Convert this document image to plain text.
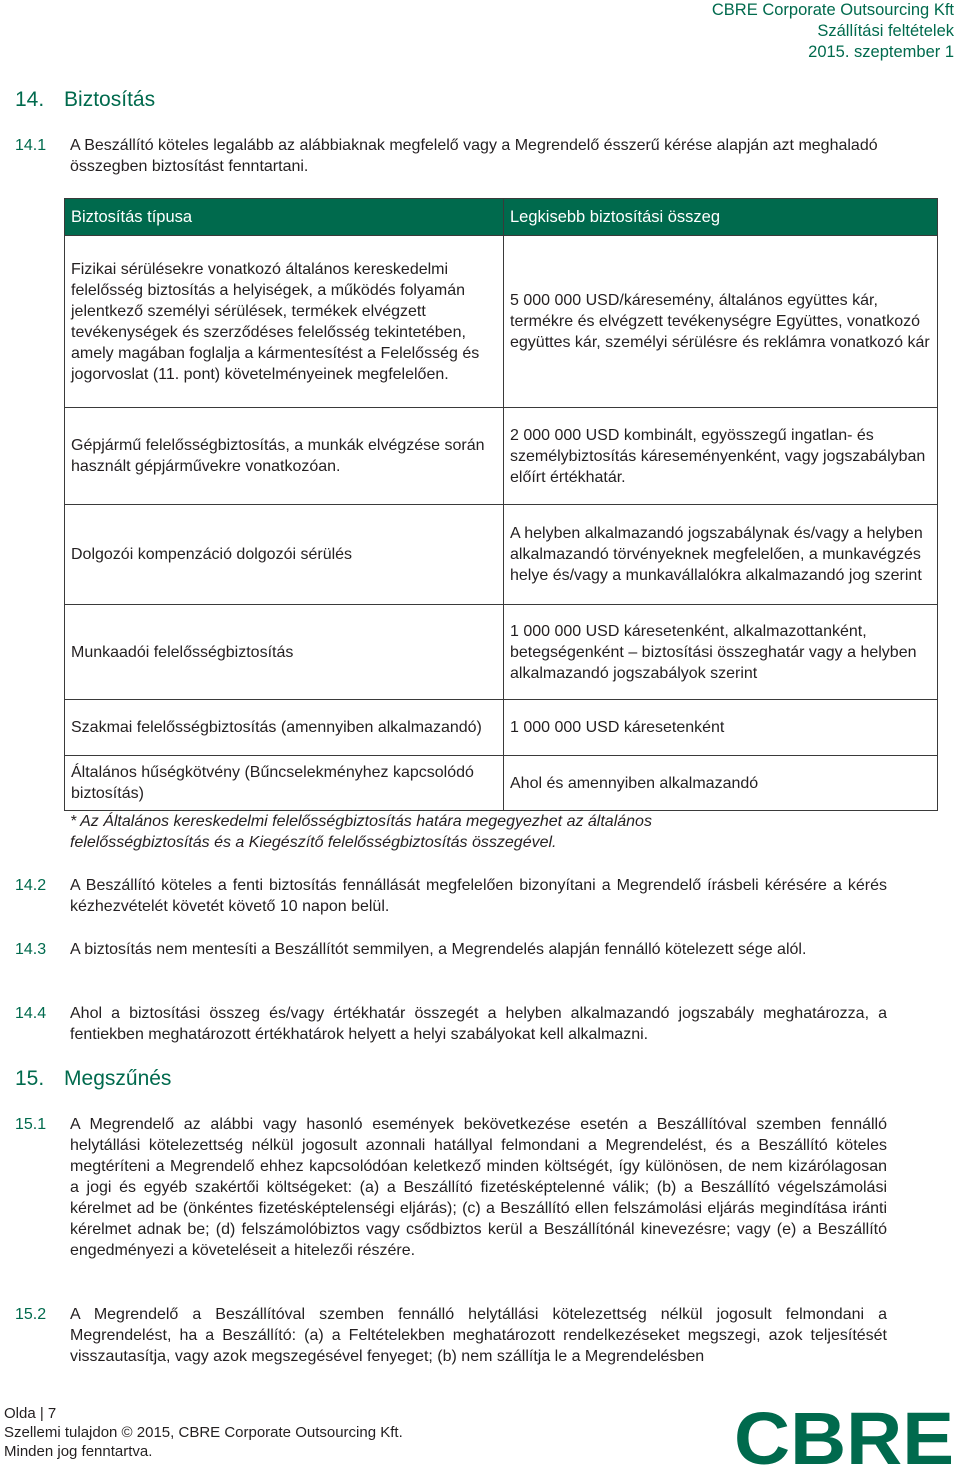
CBRE Corporate Outsourcing Kft
Szállítási feltételek
2015. szeptember 1
14. Biztosítás
14.1 A Beszállító köteles legalább az alábbiaknak megfelelő vagy a Megrendelő ésszerű kérése alapján azt meghaladó összegben biztosítást fenntartani.
Biztosítás típusa	Legkisebb biztosítási összeg
Fizikai sérülésekre vonatkozó általános kereskedelmi felelősség biztosítás a helyiségek, a működés folyamán jelentkező személyi sérülések, termékek elvégzett tevékenységek és szerződéses felelősség tekintetében, amely magában foglalja a kármentesítést a Felelősség és jogorvoslat (11. pont) követelményeinek megfelelően.	5 000 000 USD/káresemény, általános együttes kár, termékre és elvégzett tevékenységre Együttes, vonatkozó együttes kár, személyi sérülésre és reklámra vonatkozó kár
Gépjármű felelősségbiztosítás, a munkák elvégzése során használt gépjárművekre vonatkozóan.	2 000 000 USD kombinált, egyösszegű ingatlan- és személybiztosítás káreseményenként, vagy jogszabályban előírt értékhatár.
Dolgozói kompenzáció dolgozói sérülés	A helyben alkalmazandó jogszabálynak és/vagy a helyben alkalmazandó törvényeknek megfelelően, a munkavégzés helye és/vagy a munkavállalókra alkalmazandó jog szerint
Munkaadói felelősségbiztosítás	1 000 000 USD káresetenként, alkalmazottanként, betegségenként – biztosítási összeghatár vagy a helyben alkalmazandó jogszabályok szerint
Szakmai felelősségbiztosítás (amennyiben alkalmazandó)	1 000 000 USD káresetenként
Általános hűségkötvény (Bűncselekményhez kapcsolódó biztosítás)	Ahol és amennyiben alkalmazandó
* Az Általános kereskedelmi felelősségbiztosítás határa megegyezhet az általános felelősségbiztosítás és a Kiegészítő felelősségbiztosítás összegével.
14.2 A Beszállító köteles a fenti biztosítás fennállását megfelelően bizonyítani a Megrendelő írásbeli kérésére a kérés kézhezvételét követét követő 10 napon belül.
14.3 A biztosítás nem mentesíti a Beszállítót semmilyen, a Megrendelés alapján fennálló kötelezett sége alól.
14.4 Ahol a biztosítási összeg és/vagy értékhatár összegét a helyben alkalmazandó jogszabály meghatározza, a fentiekben meghatározott értékhatárok helyett a helyi szabályokat kell alkalmazni.
15. Megszűnés
15.1 A Megrendelő az alábbi vagy hasonló események bekövetkezése esetén a Beszállítóval szemben fennálló helytállási kötelezettség nélkül jogosult azonnali hatállyal felmondani a Megrendelést, és a Beszállító köteles megtéríteni a Megrendelő ehhez kapcsolódóan keletkező minden költségét, így különösen, de nem kizárólagosan a jogi és egyéb szakértői költségeket: (a) a Beszállító fizetésképtelenné válik; (b) a Beszállító végelszámolási kérelmet ad be (önkéntes fizetésképtelenségi eljárás); (c) a Beszállító ellen felszámolási eljárás megindítása iránti kérelmet adnak be; (d) felszámolóbiztos vagy csődbiztos kerül a Beszállítónál kinevezésre; vagy (e) a Beszállító engedményezi a követeléseit a hitelezői részére.
15.2 A Megrendelő a Beszállítóval szemben fennálló helytállási kötelezettség nélkül jogosult felmondani a Megrendelést, ha a Beszállító: (a) a Feltételekben meghatározott rendelkezéseket megszegi, azok teljesítését visszautasítja, vagy azok megszegésével fenyeget; (b) nem szállítja le a Megrendelésben
Olda | 7
Szellemi tulajdon © 2015, CBRE Corporate Outsourcing Kft.
Minden jog fenntartva.	CBRE
